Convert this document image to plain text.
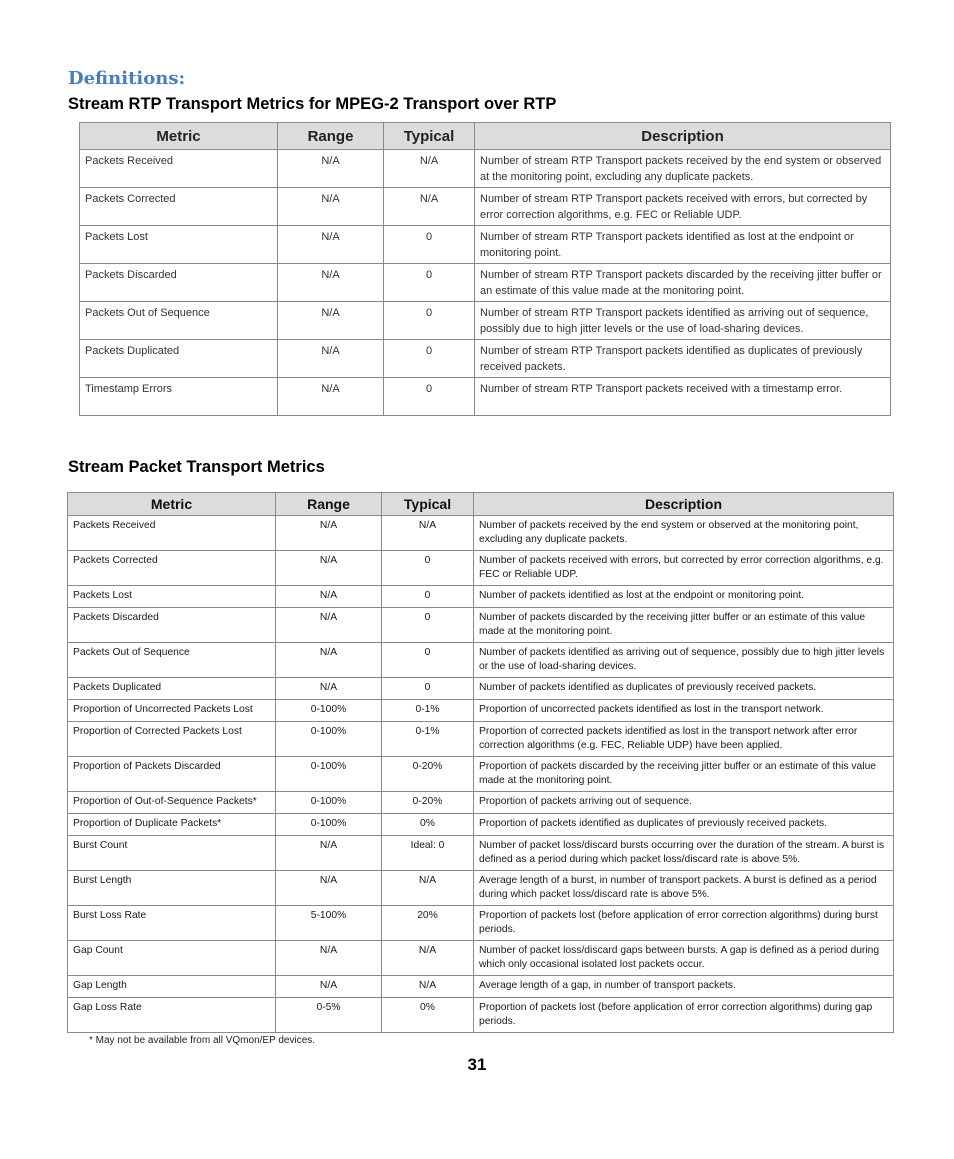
Definitions:
Stream RTP Transport Metrics for MPEG-2 Transport over RTP
Metric	Range	Typical	Description
Packets Received	N/A	N/A	Number of stream RTP Transport packets received by the end system or observed at the monitoring point, excluding any duplicate packets.
Packets Corrected	N/A	N/A	Number of stream RTP Transport packets received with errors, but corrected by error correction algorithms, e.g. FEC or Reliable UDP.
Packets Lost	N/A	0	Number of stream RTP Transport packets identified as lost at the endpoint or monitoring point.
Packets Discarded	N/A	0	Number of stream RTP Transport packets discarded by the receiving jitter buffer or an estimate of this value made at the monitoring point.
Packets Out of Sequence	N/A	0	Number of stream RTP Transport packets identified as arriving out of sequence, possibly due to high jitter levels or the use of load-sharing devices.
Packets Duplicated	N/A	0	Number of stream RTP Transport packets identified as duplicates of previously received packets.
Timestamp Errors	N/A	0	Number of stream RTP Transport packets received with a timestamp error.
Stream Packet Transport Metrics
Metric	Range	Typical	Description
Packets Received	N/A	N/A	Number of packets received by the end system or observed at the monitoring point, excluding any duplicate packets.
Packets Corrected	N/A	0	Number of packets received with errors, but corrected by error correction algorithms, e.g. FEC or Reliable UDP.
Packets Lost	N/A	0	Number of packets identified as lost at the endpoint or monitoring point.
Packets Discarded	N/A	0	Number of packets discarded by the receiving jitter buffer or an estimate of this value made at the monitoring point.
Packets Out of Sequence	N/A	0	Number of packets identified as arriving out of sequence, possibly due to high jitter levels or the use of load-sharing devices.
Packets Duplicated	N/A	0	Number of packets identified as duplicates of previously received packets.
Proportion of Uncorrected Packets Lost	0-100%	0-1%	Proportion of uncorrected packets identified as lost in the transport network.
Proportion of Corrected Packets Lost	0-100%	0-1%	Proportion of corrected packets identified as lost in the transport network after error correction algorithms (e.g. FEC, Reliable UDP) have been applied.
Proportion of Packets Discarded	0-100%	0-20%	Proportion of packets discarded by the receiving jitter buffer or an estimate of this value made at the monitoring point.
Proportion of Out-of-Sequence Packets*	0-100%	0-20%	Proportion of packets arriving out of sequence.
Proportion of Duplicate Packets*	0-100%	0%	Proportion of packets identified as duplicates of previously received packets.
Burst Count	N/A	Ideal: 0	Number of packet loss/discard bursts occurring over the duration of the stream. A burst is defined as a period during which packet loss/discard rate is above 5%.
Burst Length	N/A	N/A	Average length of a burst, in number of transport packets. A burst is defined as a period during which packet loss/discard rate is above 5%.
Burst Loss Rate	5-100%	20%	Proportion of packets lost (before application of error correction algorithms) during burst periods.
Gap Count	N/A	N/A	Number of packet loss/discard gaps between bursts. A gap is defined as a period during which only occasional isolated lost packets occur.
Gap Length	N/A	N/A	Average length of a gap, in number of transport packets.
Gap Loss Rate	0-5%	0%	Proportion of packets lost (before application of error correction algorithms) during gap periods.
* May not be available from all VQmon/EP devices.
31
